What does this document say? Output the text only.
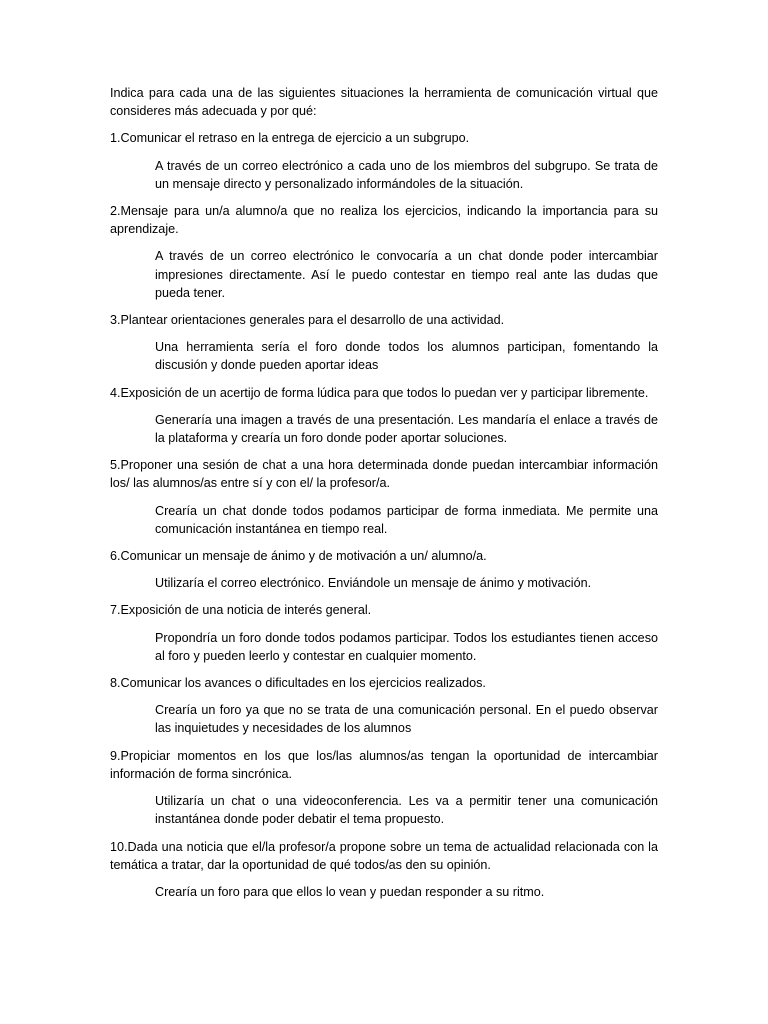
Indica para cada una de las siguientes situaciones la herramienta de comunicación virtual que consideres más adecuada y por qué:

1.Comunicar el retraso en la entrega de ejercicio a un subgrupo.

A través de un correo electrónico a cada uno de los miembros del subgrupo. Se trata de un mensaje directo y personalizado informándoles de la situación.

2.Mensaje para un/a alumno/a que no realiza los ejercicios, indicando la importancia para su aprendizaje.

A través de un correo electrónico le convocaría a un chat donde poder intercambiar impresiones directamente. Así le puedo contestar en tiempo real ante las dudas que pueda tener.

3.Plantear orientaciones generales para el desarrollo de una actividad.

Una herramienta sería el foro donde todos los alumnos participan, fomentando la discusión y donde pueden aportar ideas

4.Exposición de un acertijo de forma lúdica para que todos lo puedan ver y participar libremente.

Generaría una imagen a través de una presentación. Les mandaría el enlace a través de la plataforma y crearía un foro donde poder aportar soluciones.

5.Proponer una sesión de chat a una hora determinada donde puedan intercambiar información los/ las alumnos/as entre sí y con el/ la profesor/a.

Crearía un chat donde todos podamos participar de forma inmediata. Me permite una comunicación instantánea en tiempo real.

6.Comunicar un mensaje de ánimo y de motivación a un/ alumno/a.

Utilizaría el correo electrónico. Enviándole un mensaje de ánimo y motivación.

7.Exposición de una noticia de interés general.

Propondría un foro donde todos podamos participar. Todos los estudiantes tienen acceso al foro y pueden leerlo y contestar en cualquier momento.

8.Comunicar los avances o dificultades en los ejercicios realizados.

Crearía un foro ya que no se trata de una comunicación personal. En el puedo observar las inquietudes y necesidades de los alumnos

9.Propiciar momentos en los que los/las alumnos/as tengan la oportunidad de intercambiar información de forma sincrónica.

Utilizaría un chat o una videoconferencia. Les va a permitir tener una comunicación instantánea donde poder debatir el tema propuesto.

10.Dada una noticia que el/la profesor/a propone sobre un tema de actualidad relacionada con la temática a tratar, dar la oportunidad de qué todos/as den su opinión.

Crearía un foro para que ellos lo vean y puedan responder a su ritmo.
